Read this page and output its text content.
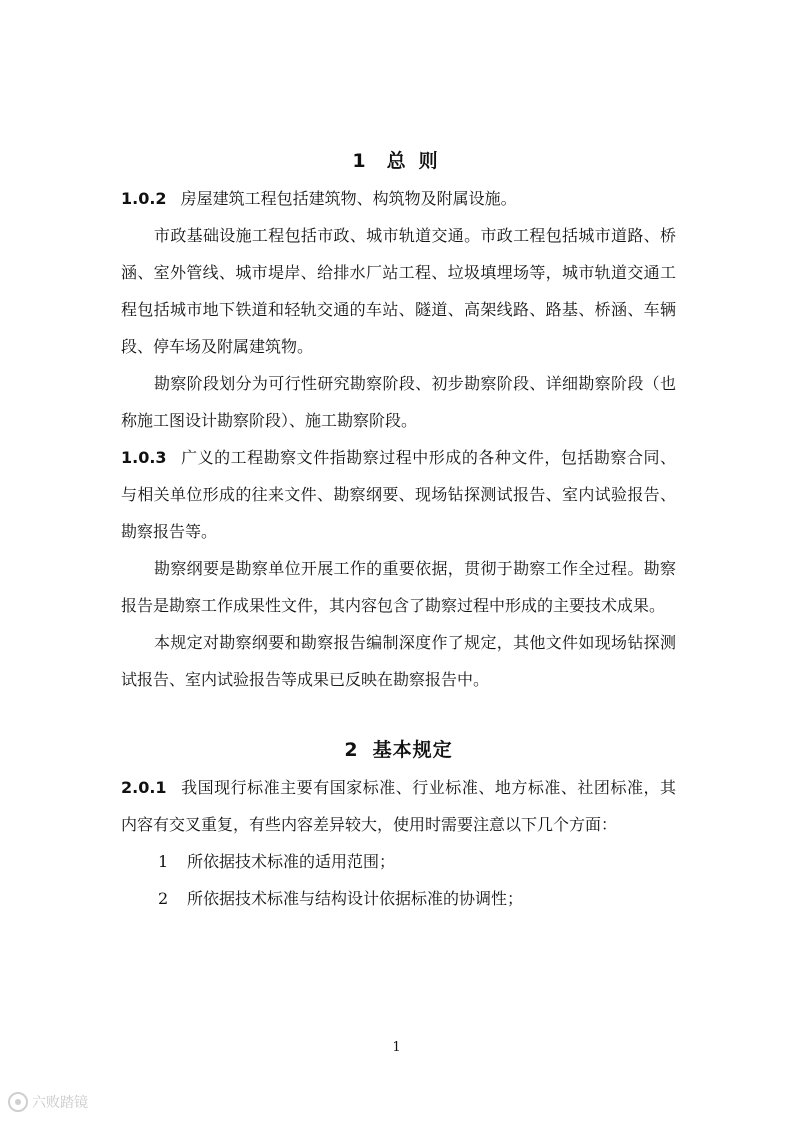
1 总 则

1.0.2 房屋建筑工程包括建筑物、构筑物及附属设施。

市政基础设施工程包括市政、城市轨道交通。市政工程包括城市道路、桥涵、室外管线、城市堤岸、给排水厂站工程、垃圾填埋场等，城市轨道交通工程包括城市地下铁道和轻轨交通的车站、隧道、高架线路、路基、桥涵、车辆段、停车场及附属建筑物。

勘察阶段划分为可行性研究勘察阶段、初步勘察阶段、详细勘察阶段（也称施工图设计勘察阶段）、施工勘察阶段。

1.0.3 广义的工程勘察文件指勘察过程中形成的各种文件，包括勘察合同、与相关单位形成的往来文件、勘察纲要、现场钻探测试报告、室内试验报告、勘察报告等。

勘察纲要是勘察单位开展工作的重要依据，贯彻于勘察工作全过程。勘察报告是勘察工作成果性文件，其内容包含了勘察过程中形成的主要技术成果。

本规定对勘察纲要和勘察报告编制深度作了规定，其他文件如现场钻探测试报告、室内试验报告等成果已反映在勘察报告中。

2 基本规定

2.0.1 我国现行标准主要有国家标准、行业标准、地方标准、社团标准，其内容有交叉重复，有些内容差异较大，使用时需要注意以下几个方面：

1 所依据技术标准的适用范围；

2 所依据技术标准与结构设计依据标准的协调性；

1
六败踏镜
